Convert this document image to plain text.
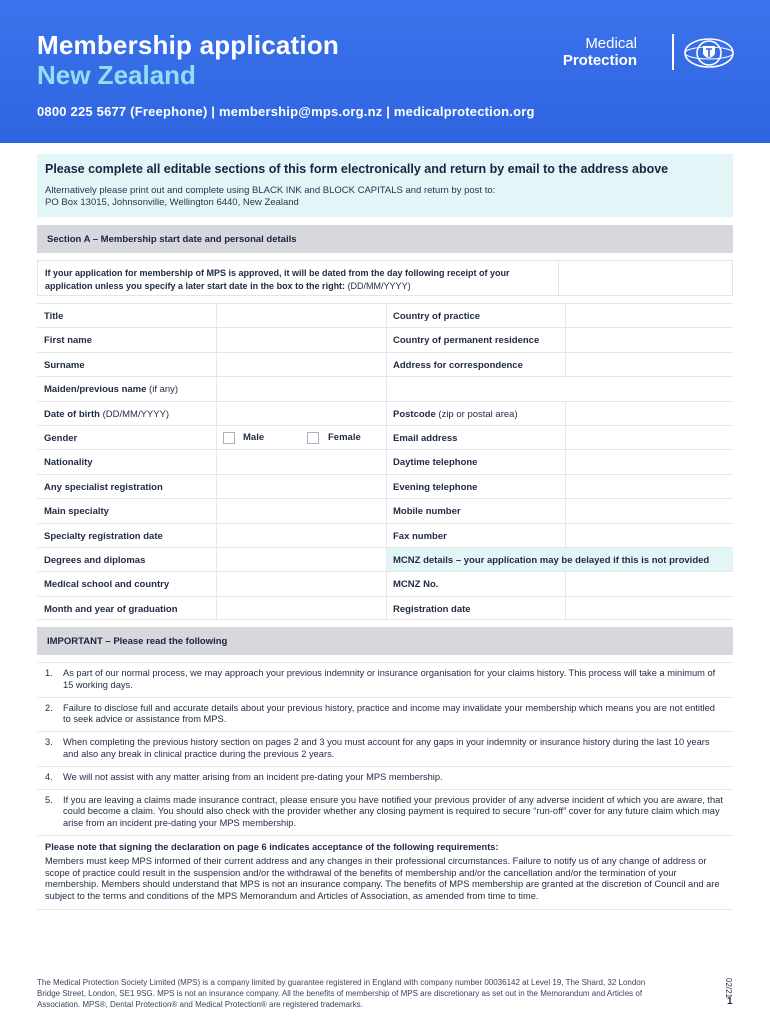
Membership application
New Zealand
0800 225 5677 (Freephone) | membership@mps.org.nz | medicalprotection.org
Medical
Protection
Please complete all editable sections of this form electronically and return by email to the address above
Alternatively please print out and complete using BLACK INK and BLOCK CAPITALS and return by post to:
PO Box 13015, Johnsonville, Wellington 6440, New Zealand
Section A – Membership start date and personal details
If your application for membership of MPS is approved, it will be dated from the day following receipt of your application unless you specify a later start date in the box to the right: (DD/MM/YYYY)
Title	Country of practice
First name	Country of permanent residence
Surname	Address for correspondence
Maiden/previous name (if any)
Date of birth (DD/MM/YYYY)	Postcode (zip or postal area)
Gender	Male	Female	Email address
Nationality	Daytime telephone
Any specialist registration	Evening telephone
Main specialty	Mobile number
Specialty registration date	Fax number
Degrees and diplomas	MCNZ details – your application may be delayed if this is not provided
Medical school and country	MCNZ No.
Month and year of graduation	Registration date
IMPORTANT – Please read the following
1. As part of our normal process, we may approach your previous indemnity or insurance organisation for your claims history. This process will take a minimum of 15 working days.
2. Failure to disclose full and accurate details about your previous history, practice and income may invalidate your membership which means you are not entitled to seek advice or assistance from MPS.
3. When completing the previous history section on pages 2 and 3 you must account for any gaps in your indemnity or insurance history during the last 10 years and also any break in clinical practice during the previous 2 years.
4. We will not assist with any matter arising from an incident pre-dating your MPS membership.
5. If you are leaving a claims made insurance contract, please ensure you have notified your previous provider of any adverse incident of which you are aware, that could become a claim. You should also check with the provider whether any closing payment is required to secure “run-off” cover for any future claim which may arise from an incident pre-dating your MPS membership.
Please note that signing the declaration on page 6 indicates acceptance of the following requirements:
Members must keep MPS informed of their current address and any changes in their professional circumstances. Failure to notify us of any change of address or scope of practice could result in the suspension and/or the withdrawal of the benefits of membership and/or the cancellation and/or the termination of your membership. Members should understand that MPS is not an insurance company. The benefits of MPS membership are granted at the discretion of Council and are subject to the terms and conditions of the MPS Memorandum and Articles of Association, as amended from time to time.
The Medical Protection Society Limited (MPS) is a company limited by guarantee registered in England with company number 00036142 at Level 19, The Shard, 32 London Bridge Street, London, SE1 9SG. MPS is not an insurance company. All the benefits of membership of MPS are discretionary as set out in the Memorandum and Articles of Association. MPS®, Dental Protection® and Medical Protection® are registered trademarks.	1
02/21
